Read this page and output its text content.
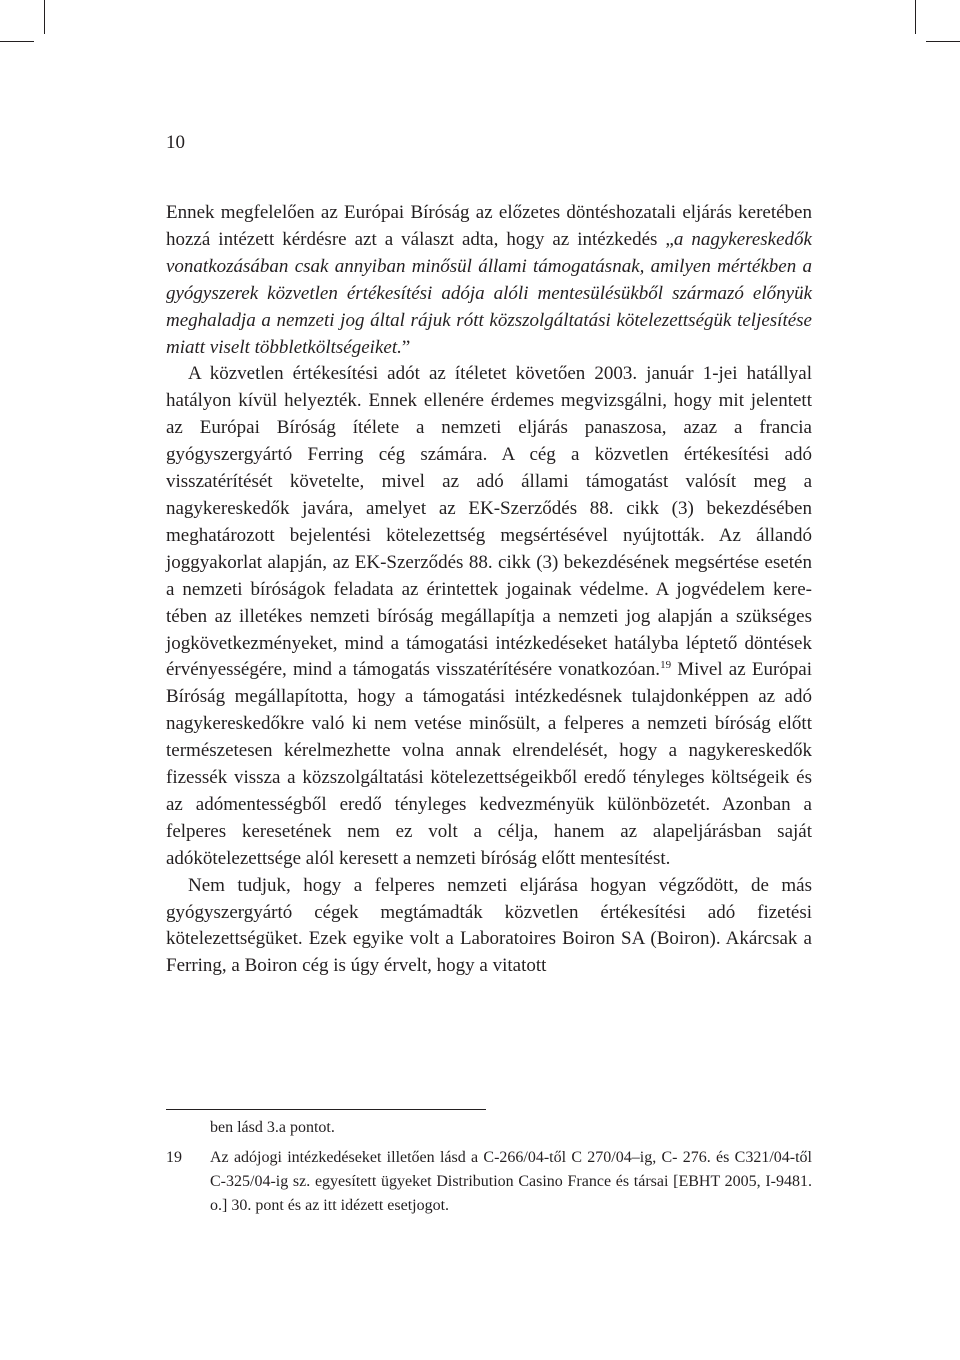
10

Ennek megfelelően az Európai Bíróság az előzetes döntéshozatali eljárás keretében hozzá intézett kérdésre azt a választ adta, hogy az intézkedés „a nagykereskedők vonatkozásában csak annyiban minősül állami támogatásnak, amilyen mértékben a gyógyszerek közvetlen értékesítési adója alóli mentesülésükből származó előnyük meghaladja a nemzeti jog által rájuk rótt közszolgáltatási kötelezettségük teljesítése miatt viselt többletköltségeiket.”

A közvetlen értékesítési adót az ítéletet követően 2003. január 1-jei hatállyal hatályon kívül helyezték. Ennek ellenére érdemes megvizsgálni, hogy mit jelentett az Európai Bíróság ítélete a nemzeti eljárás panaszosa, azaz a francia gyógyszergyártó Ferring cég számára. A cég a közvetlen értékesítési adó visszatérítését követelte, mivel az adó állami támogatást valósít meg a nagykereskedők javára, amelyet az EK-Szerződés 88. cikk (3) bekezdésében meghatározott bejelentési kötelezettség megsértésével nyújtották. Az állandó joggyakorlat alapján, az EK-Szerződés 88. cikk (3) bekezdésének megsértése esetén a nemzeti bíróságok feladata az érintettek jogainak védelme. A jogvédelem keretében az illetékes nemzeti bíróság megállapítja a nemzeti jog alapján a szükséges jogkövetkezményeket, mind a támogatási intézkedéseket hatályba léptető döntések érvényességére, mind a támogatás visszatérítésére vonatkozóan.$^{19}$ Mivel az Európai Bíróság megállapította, hogy a támogatási intézkedésnek tulajdonképpen az adó nagykereskedőkre való ki nem vetése minősült, a felperes a nemzeti bíróság előtt természetesen kérelmezhette volna annak elrendelését, hogy a nagykereskedők fizessék vissza a közszolgáltatási kötelezettségeikből eredő tényleges költségeik és az adómentességből eredő tényleges kedvezményük különbözetét. Azonban a felperes keresetének nem ez volt a célja, hanem az alapeljárásban saját adókötelezettsége alól keresett a nemzeti bíróság előtt mentesítést.

Nem tudjuk, hogy a felperes nemzeti eljárása hogyan végződött, de más gyógyszergyártó cégek megtámadták közvetlen értékesítési adó fizetési kötelezettségüket. Ezek egyike volt a Laboratoires Boiron SA (Boiron). Akárcsak a Ferring, a Boiron cég is úgy érvelt, hogy a vitatott

ben lásd 3.a pontot.
19 Az adójogi intézkedéseket illetően lásd a C-266/04-től C 270/04–ig, C- 276. és C321/04-től C-325/04-ig sz. egyesített ügyeket Distribution Casino France és társai [EBHT 2005, I-9481. o.] 30. pont és az itt idézett esetjogot.
